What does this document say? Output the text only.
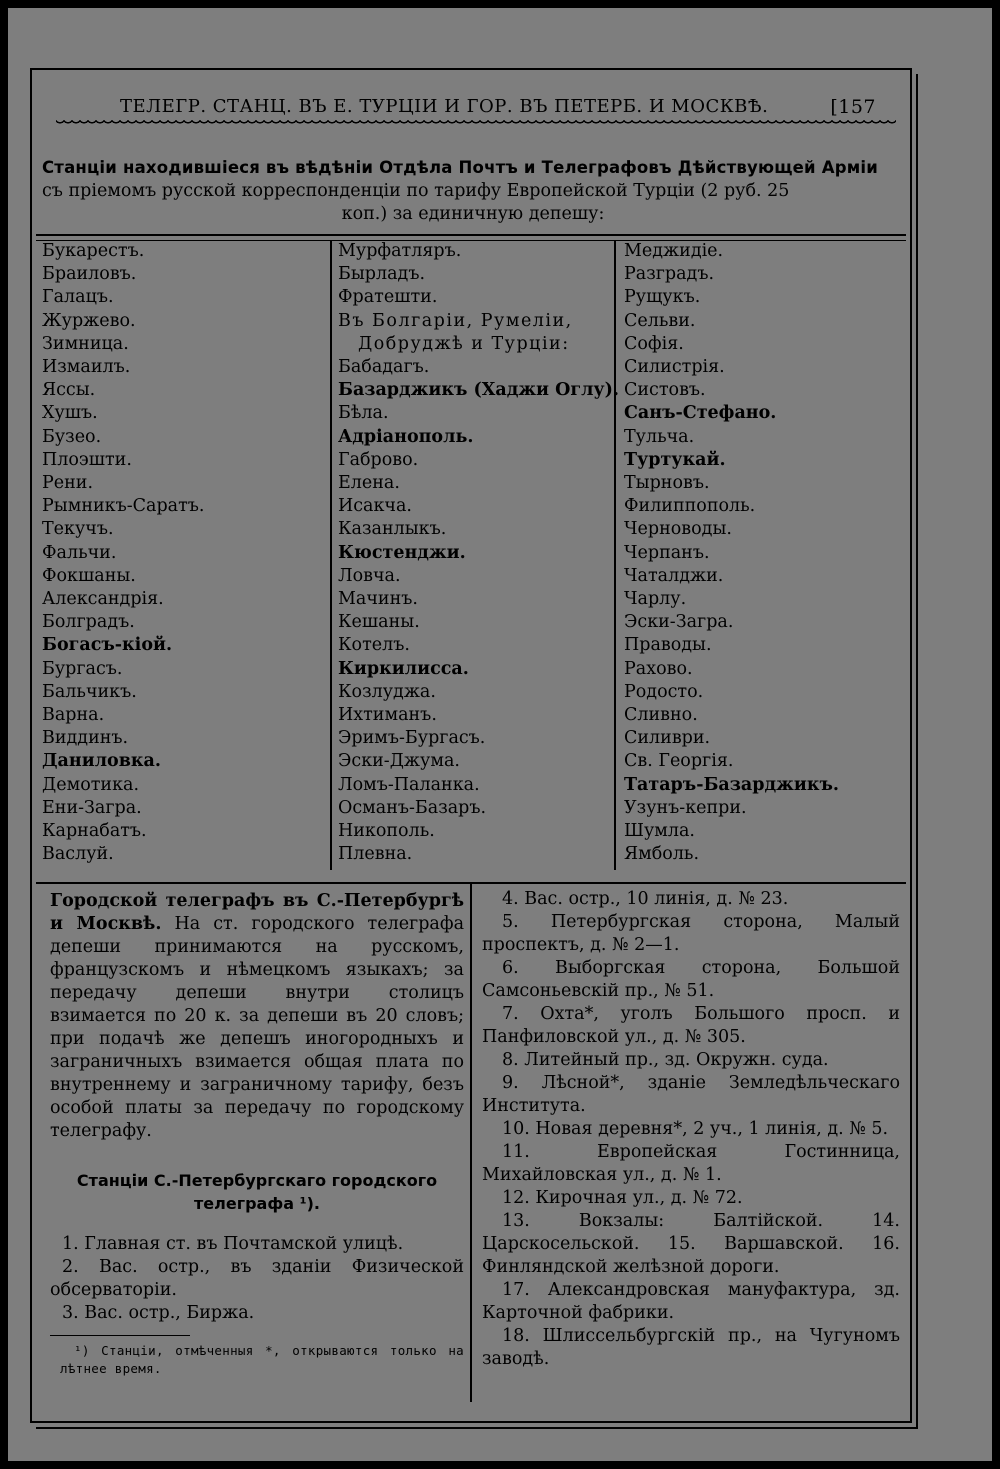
ТЕЛЕГР. СТАНЦ. ВЪ Е. ТУРЦІИ И ГОР. ВЪ ПЕТЕРБ. И МОСКВѢ.	[157
Станціи находившіеся въ вѣдѣніи Отдѣла Почтъ и Телеграфовъ Дѣйствующей Арміи
съ пріемомъ русской корреспонденціи по тарифу Европейской Турціи (2 руб. 25
коп.) за единичную депешу:
Букарестъ.
Браиловъ.
Галацъ.
Журжево.
Зимница.
Измаилъ.
Яссы.
Хушъ.
Бузео.
Плоэшти.
Рени.
Рымникъ-Саратъ.
Текучъ.
Фальчи.
Фокшаны.
Александрія.
Болградъ.
Богасъ-кіой.
Бургасъ.
Бальчикъ.
Варна.
Виддинъ.
Даниловка.
Демотика.
Ени-Загра.
Карнабатъ.
Васлуй.
Мурфатляръ.
Бырладъ.
Фратешти.
Въ Болгаріи, Румеліи,
Добруджѣ и Турціи:
Бабадагъ.
Базарджикъ (Хаджи Оглу).
Бѣла.
Адріанополь.
Габрово.
Елена.
Исакча.
Казанлыкъ.
Кюстенджи.
Ловча.
Мачинъ.
Кешаны.
Котелъ.
Киркилисса.
Козлуджа.
Ихтиманъ.
Эримъ-Бургасъ.
Эски-Джума.
Ломъ-Паланка.
Османъ-Базаръ.
Никополь.
Плевна.
Меджидіе.
Разградъ.
Рущукъ.
Сельви.
Софія.
Силистрія.
Систовъ.
Санъ-Стефано.
Тульча.
Туртукай.
Тырновъ.
Филиппополь.
Черноводы.
Черпанъ.
Чаталджи.
Чарлу.
Эски-Загра.
Праводы.
Рахово.
Родосто.
Сливно.
Силиври.
Св. Георгія.
Татаръ-Базарджикъ.
Узунъ-кепри.
Шумла.
Ямболь.
Городской телеграфъ въ С.-Петербургѣ и Москвѣ. На ст. городского телеграфа депеши принимаются на русскомъ, французскомъ и нѣмецкомъ языкахъ; за передачу депеши внутри столицъ взимается по 20 к. за депеши въ 20 словъ; при подачѣ же депешъ иногородныхъ и заграничныхъ взимается общая плата по внутреннему и заграничному тарифу, безъ особой платы за передачу по городскому телеграфу.
Станціи С.-Петербургскаго городского телеграфа ¹).
1. Главная ст. въ Почтамской улицѣ.
2. Вас. остр., въ зданіи Физической обсерваторіи.
3. Вас. остр., Биржа.
¹) Станціи, отмѣченныя *, открываются только на лѣтнее время.
4. Вас. остр., 10 линія, д. № 23.
5. Петербургская сторона, Малый проспектъ, д. № 2—1.
6. Выборгская сторона, Большой Самсоньевскій пр., № 51.
7. Охта*, уголъ Большого просп. и Панфиловской ул., д. № 305.
8. Литейный пр., зд. Окружн. суда.
9. Лѣсной*, зданіе Земледѣльческаго Института.
10. Новая деревня*, 2 уч., 1 линія, д. № 5.
11. Европейская Гостинница, Михайловская ул., д. № 1.
12. Кирочная ул., д. № 72.
13. Вокзалы: Балтійской. 14. Царскосельской. 15. Варшавской. 16. Финляндской желѣзной дороги.
17. Александровская мануфактура, зд. Карточной фабрики.
18. Шлиссельбургскій пр., на Чугуномъ заводѣ.
